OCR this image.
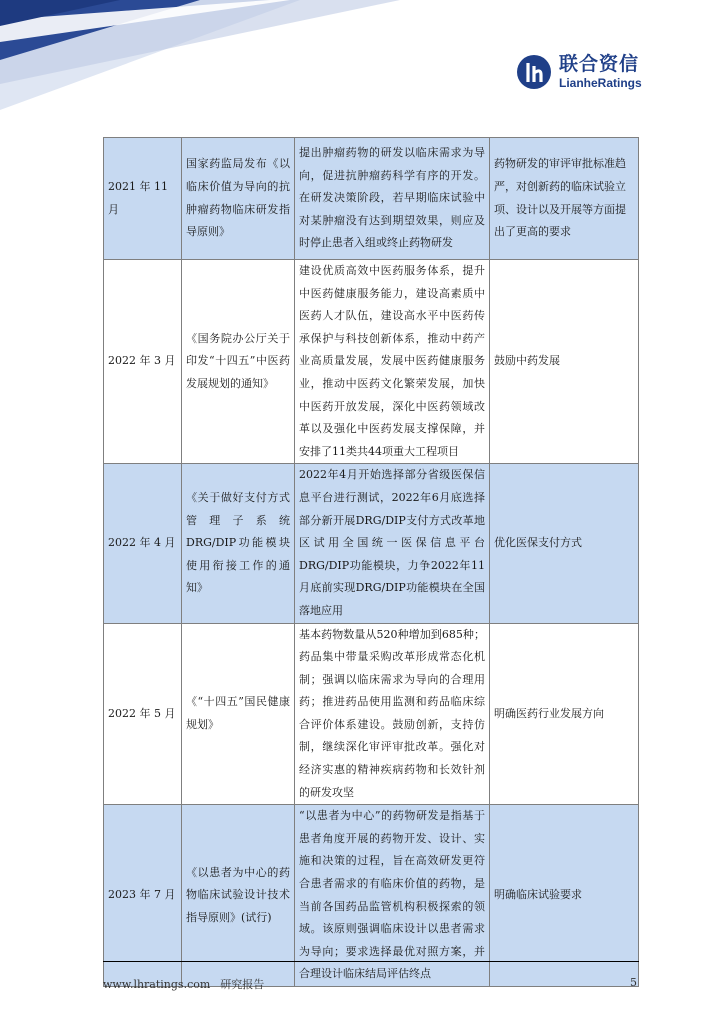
联合资信
LianheRatings
2021 年 11 月	国家药监局发布《以临床价值为导向的抗肿瘤药物临床研发指导原则》	提出肿瘤药物的研发以临床需求为导向，促进抗肿瘤药科学有序的开发。在研发决策阶段，若早期临床试验中对某肿瘤没有达到期望效果，则应及时停止患者入组或终止药物研发	药物研发的审评审批标准趋严，对创新药的临床试验立项、设计以及开展等方面提出了更高的要求
2022 年 3 月	《国务院办公厅关于印发“十四五”中医药发展规划的通知》	建设优质高效中医药服务体系，提升中医药健康服务能力，建设高素质中医药人才队伍，建设高水平中医药传承保护与科技创新体系，推动中药产业高质量发展，发展中医药健康服务业，推动中医药文化繁荣发展，加快中医药开放发展，深化中医药领域改革以及强化中医药发展支撑保障，并安排了11类共44项重大工程项目	鼓励中药发展
2022 年 4 月	《关于做好支付方式管理子系统DRG/DIP功能模块使用衔接工作的通知》	2022年4月开始选择部分省级医保信息平台进行测试，2022年6月底选择部分新开展DRG/DIP支付方式改革地区试用全国统一医保信息平台DRG/DIP功能模块，力争2022年11月底前实现DRG/DIP功能模块在全国落地应用	优化医保支付方式
2022 年 5 月	《“十四五”国民健康规划》	基本药物数量从520种增加到685种；药品集中带量采购改革形成常态化机制；强调以临床需求为导向的合理用药；推进药品使用监测和药品临床综合评价体系建设。鼓励创新，支持仿制，继续深化审评审批改革。强化对经济实惠的精神疾病药物和长效针剂的研发攻坚	明确医药行业发展方向
2023 年 7 月	《以患者为中心的药物临床试验设计技术指导原则》(试行)	“以患者为中心”的药物研发是指基于患者角度开展的药物开发、设计、实施和决策的过程，旨在高效研发更符合患者需求的有临床价值的药物，是当前各国药品监管机构积极探索的领域。该原则强调临床设计以患者需求为导向；要求选择最优对照方案，并合理设计临床结局评估终点	明确临床试验要求
www.lhratings.com 研究报告	5
